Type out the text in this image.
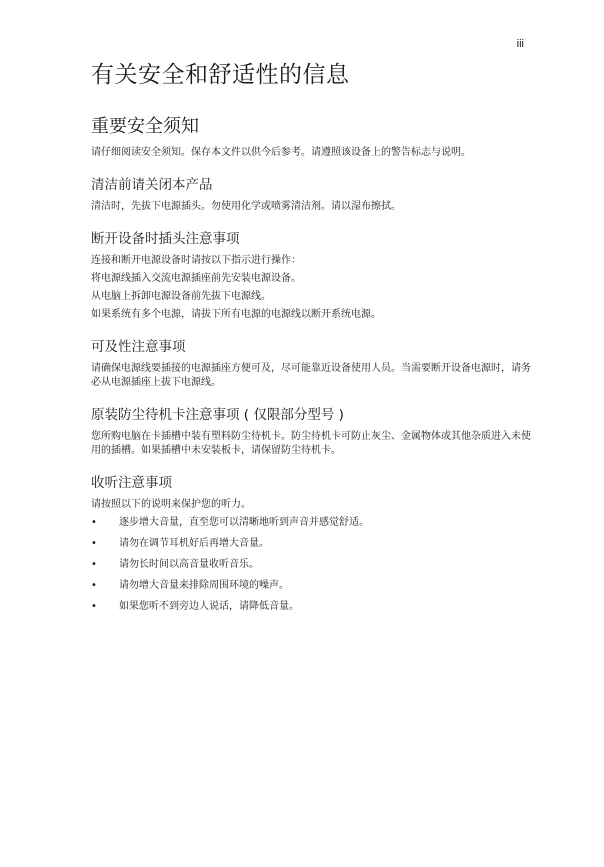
iii
有关安全和舒适性的信息
重要安全须知

请仔细阅读安全须知。保存本文件以供今后参考。请遵照该设备上的警告标志与说明。

清洁前请关闭本产品

清洁时，先拔下电源插头。勿使用化学或喷雾清洁剂。请以湿布擦拭。

断开设备时插头注意事项

连接和断开电源设备时请按以下指示进行操作：

将电源线插入交流电源插座前先安装电源设备。

从电脑上拆卸电源设备前先拔下电源线。

如果系统有多个电源，请拔下所有电源的电源线以断开系统电源。

可及性注意事项

请确保电源线要插接的电源插座方便可及，尽可能靠近设备使用人员。当需要断开设备电源时，请务必从电源插座上拔下电源线。

原装防尘待机卡注意事项 ( 仅限部分型号 )

您所购电脑在卡插槽中装有塑料防尘待机卡。防尘待机卡可防止灰尘、金属物体或其他杂质进入未使用的插槽。如果插槽中未安装板卡，请保留防尘待机卡。

收听注意事项

请按照以下的说明来保护您的听力。

•	逐步增大音量，直至您可以清晰地听到声音并感觉舒适。
•	请勿在调节耳机好后再增大音量。
•	请勿长时间以高音量收听音乐。
•	请勿增大音量来排除周围环境的噪声。
•	如果您听不到旁边人说话，请降低音量。
